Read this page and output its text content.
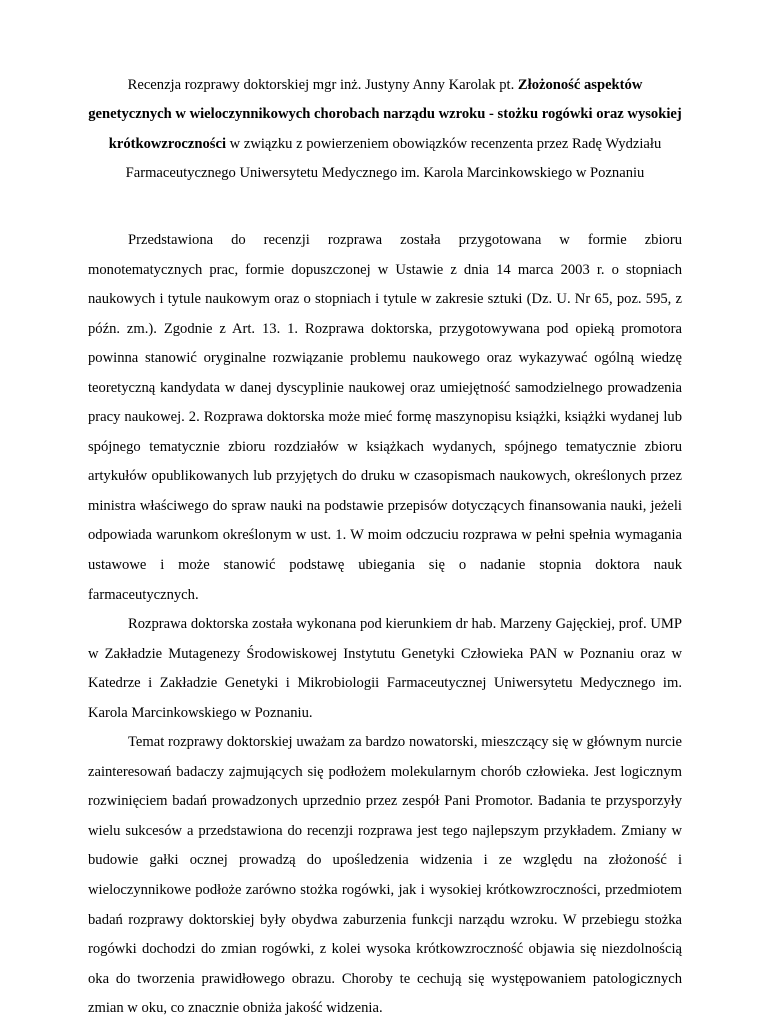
Recenzja rozprawy doktorskiej mgr inż. Justyny Anny Karolak pt. Złożoność aspektów genetycznych w wieloczynnikowych chorobach narządu wzroku - stożku rogówki oraz wysokiej krótkowzroczności w związku z powierzeniem obowiązków recenzenta przez Radę Wydziału Farmaceutycznego Uniwersytetu Medycznego im. Karola Marcinkowskiego w Poznaniu

Przedstawiona do recenzji rozprawa została przygotowana w formie zbioru monotematycznych prac, formie dopuszczonej w Ustawie z dnia 14 marca 2003 r. o stopniach naukowych i tytule naukowym oraz o stopniach i tytule w zakresie sztuki (Dz. U. Nr 65, poz. 595, z późn. zm.). Zgodnie z Art. 13. 1. Rozprawa doktorska, przygotowywana pod opieką promotora powinna stanowić oryginalne rozwiązanie problemu naukowego oraz wykazywać ogólną wiedzę teoretyczną kandydata w danej dyscyplinie naukowej oraz umiejętność samodzielnego prowadzenia pracy naukowej. 2. Rozprawa doktorska może mieć formę maszynopisu książki, książki wydanej lub spójnego tematycznie zbioru rozdziałów w książkach wydanych, spójnego tematycznie zbioru artykułów opublikowanych lub przyjętych do druku w czasopismach naukowych, określonych przez ministra właściwego do spraw nauki na podstawie przepisów dotyczących finansowania nauki, jeżeli odpowiada warunkom określonym w ust. 1. W moim odczuciu rozprawa w pełni spełnia wymagania ustawowe i może stanowić podstawę ubiegania się o nadanie stopnia doktora nauk farmaceutycznych.

Rozprawa doktorska została wykonana pod kierunkiem dr hab. Marzeny Gajęckiej, prof. UMP w Zakładzie Mutagenezy Środowiskowej Instytutu Genetyki Człowieka PAN w Poznaniu oraz w Katedrze i Zakładzie Genetyki i Mikrobiologii Farmaceutycznej Uniwersytetu Medycznego im. Karola Marcinkowskiego w Poznaniu.

Temat rozprawy doktorskiej uważam za bardzo nowatorski, mieszczący się w głównym nurcie zainteresowań badaczy zajmujących się podłożem molekularnym chorób człowieka. Jest logicznym rozwinięciem badań prowadzonych uprzednio przez zespół Pani Promotor. Badania te przysporzyły wielu sukcesów a przedstawiona do recenzji rozprawa jest tego najlepszym przykładem. Zmiany w budowie gałki ocznej prowadzą do upośledzenia widzenia i ze względu na złożoność i wieloczynnikowe podłoże zarówno stożka rogówki, jak i wysokiej krótkowzroczności, przedmiotem badań rozprawy doktorskiej były obydwa zaburzenia funkcji narządu wzroku. W przebiegu stożka rogówki dochodzi do zmian rogówki, z kolei wysoka krótkowzroczność objawia się niezdolnością oka do tworzenia prawidłowego obrazu. Choroby te cechują się występowaniem patologicznych zmian w oku, co znacznie obniża jakość widzenia.
